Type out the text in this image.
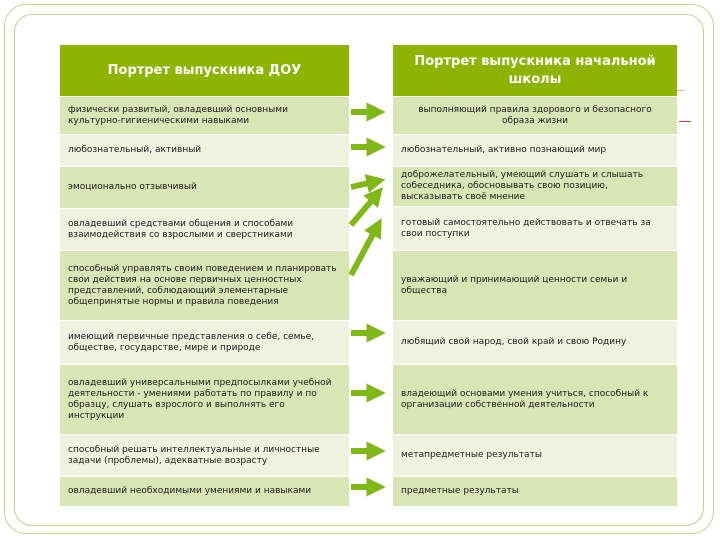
Портрет выпускника ДОУ
физически развитый, овладевший основными культурно-гигиеническими навыками
любознательный, активный
эмоционально отзывчивый
овладевший средствами общения и способами взаимодействия со взрослыми и сверстниками
способный управлять своим поведением и планировать свои действия на основе первичных ценностных представлений, соблюдающий элементарные общепринятые нормы и правила поведения
имеющий первичные представления о себе, семье, обществе, государстве, мире и природе
овладевший универсальными предпосылками учебной деятельности - умениями работать по правилу и по образцу, слушать взрослого и выполнять его инструкции
способный решать интеллектуальные и личностные задачи (проблемы), адекватные возрасту
овладевший необходимыми умениями и навыками
Портрет выпускника начальной школы
выполняющий правила здорового и безопасного образа жизни
любознательный, активно познающий мир
доброжелательный, умеющий слушать и слышать собеседника, обосновывать свою позицию, высказывать своё мнение
готовый самостоятельно действовать и отвечать за свои поступки
уважающий и принимающий ценности семьи и общества
любящий свой народ, свой край и свою Родину
владеющий основами умения учиться, способный к организации собственной деятельности
метапредметные результаты
предметные результаты
